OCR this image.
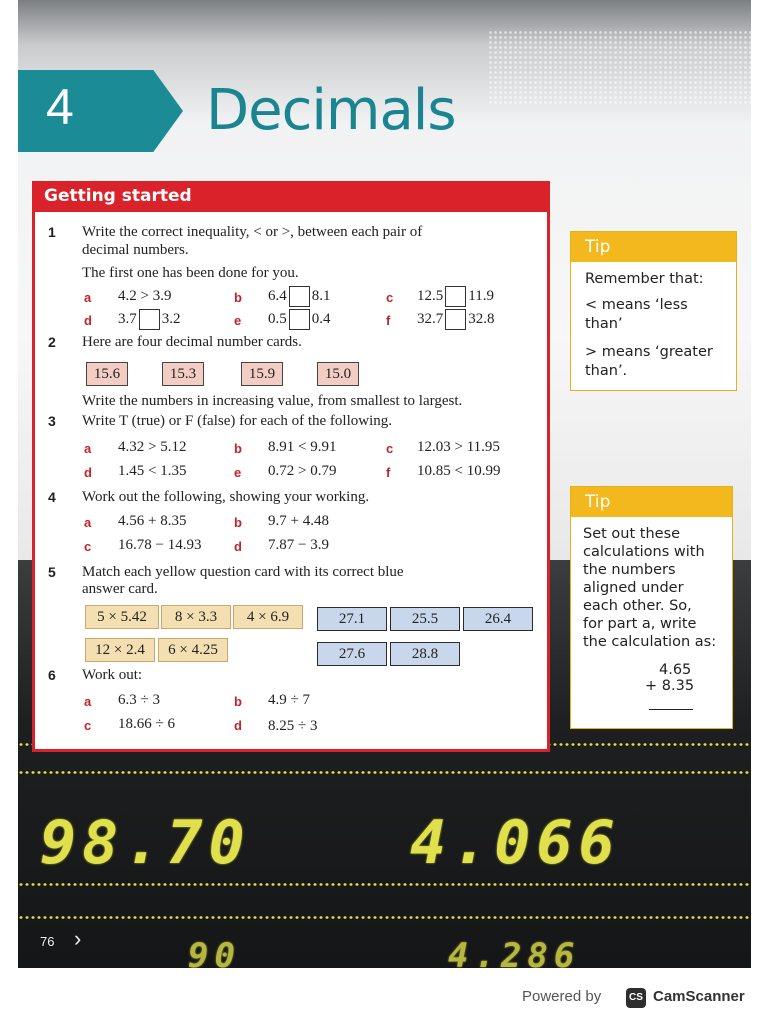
98.70	4.066
90	4.286
76 ›
4 Decimals
Getting started
1 Write the correct inequality, < or >, between each pair of
decimal numbers.
The first one has been done for you.
a 4.2 > 3.9	b 6.4 8.1	c 12.5 11.9
d 3.7 3.2	e 0.5 0.4	f 32.7 32.8
2 Here are four decimal number cards.
15.6	15.3	15.9	15.0
Write the numbers in increasing value, from smallest to largest.
3 Write T (true) or F (false) for each of the following.
a 4.32 > 5.12	b 8.91 < 9.91	c 12.03 > 11.95
d 1.45 < 1.35	e 0.72 > 0.79	f 10.85 < 10.99
4 Work out the following, showing your working.
a 4.56 + 8.35	b 9.7 + 4.48
c 16.78 − 14.93	d 7.87 − 3.9
5 Match each yellow question card with its correct blue
answer card.
5 × 5.42	8 × 3.3	4 × 6.9	27.1	25.5	26.4
12 × 2.4	6 × 4.25	27.6	28.8
6 Work out:
a 6.3 ÷ 3	b 4.9 ÷ 7
c 18.66 ÷ 6	d 8.25 ÷ 3
Tip
Remember that:
< means ‘less
than’
> means ‘greater
than’.
Tip
Set out these
calculations with
the numbers
aligned under
each other. So,
for part a, write
the calculation as:
4.65
+ 8.35
Powered by	CS CamScanner
